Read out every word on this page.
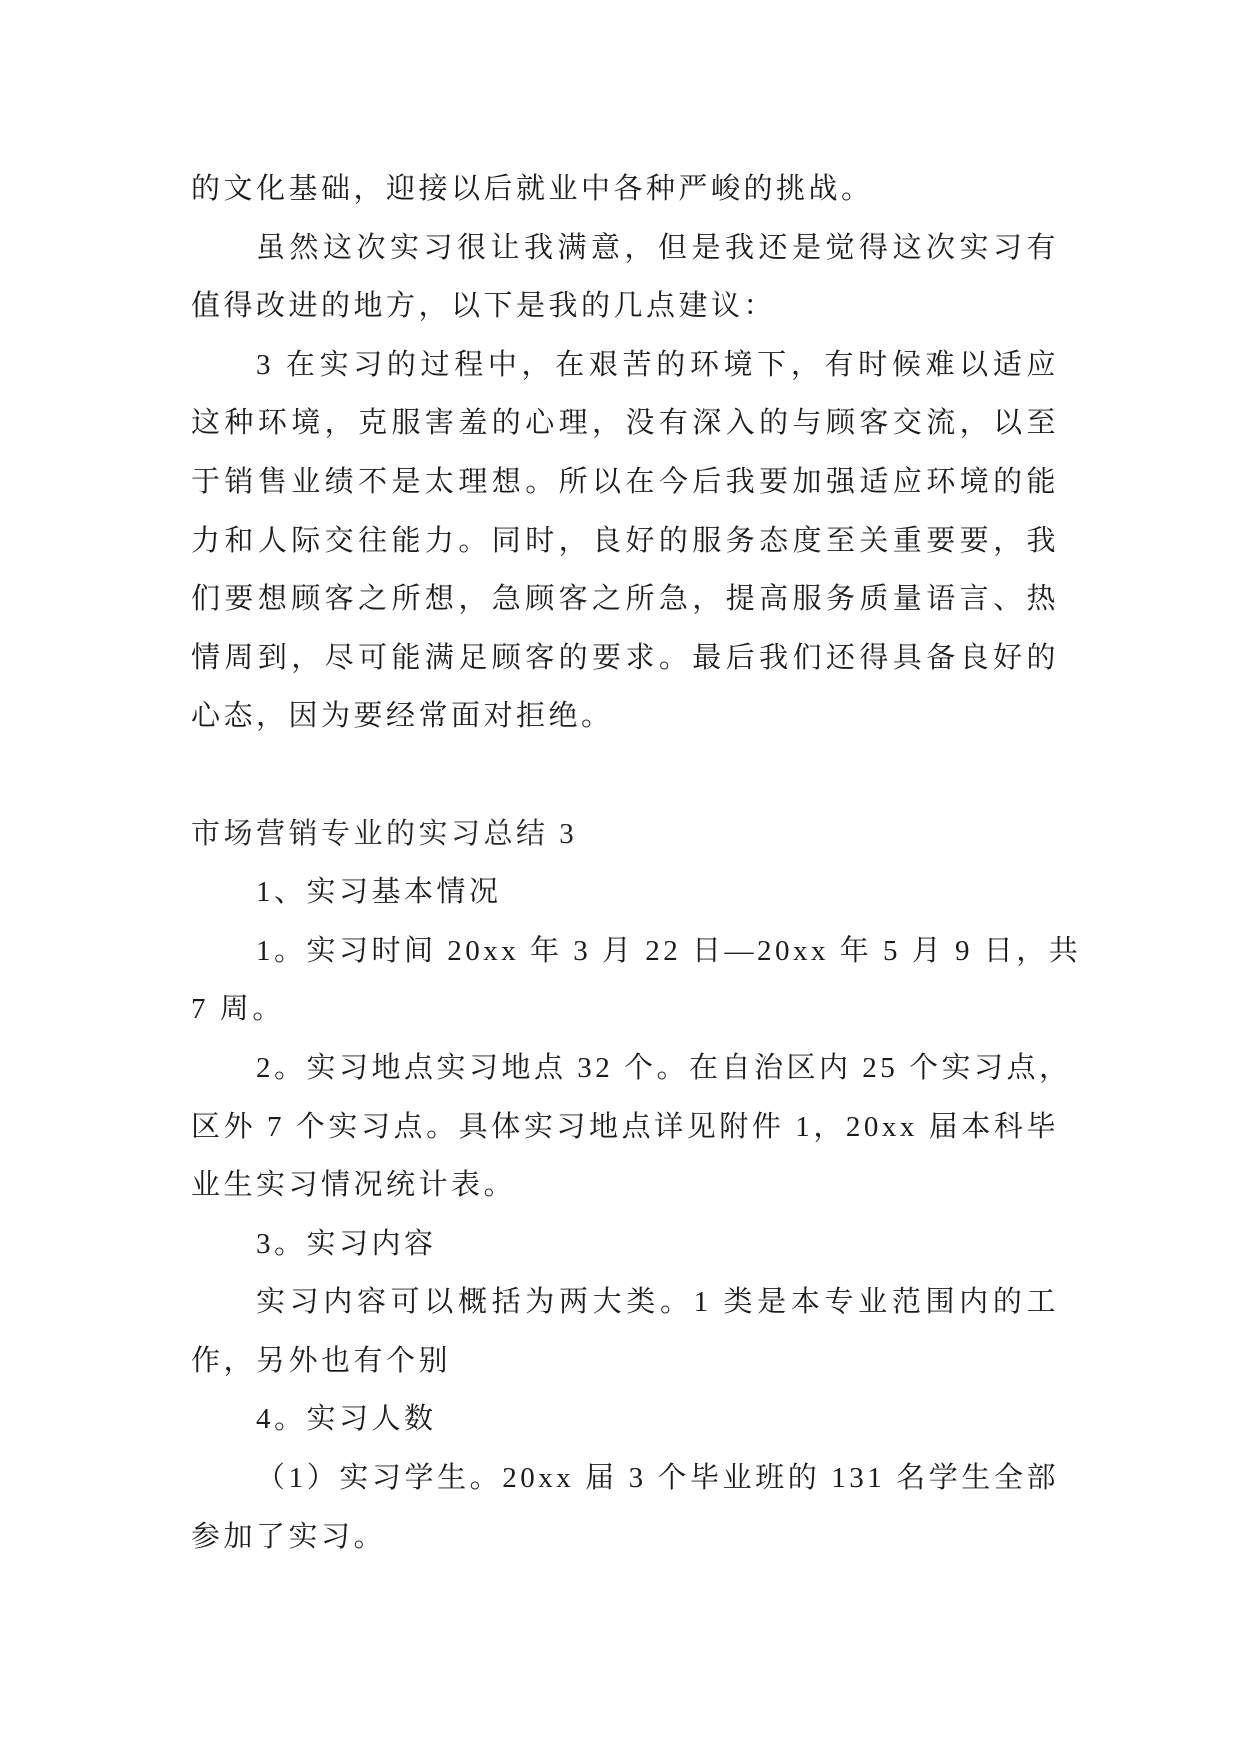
的文化基础，迎接以后就业中各种严峻的挑战。
虽然这次实习很让我满意，但是我还是觉得这次实习有
值得改进的地方，以下是我的几点建议：
3 在实习的过程中，在艰苦的环境下，有时候难以适应
这种环境，克服害羞的心理，没有深入的与顾客交流，以至
于销售业绩不是太理想。所以在今后我要加强适应环境的能
力和人际交往能力。同时，良好的服务态度至关重要要，我
们要想顾客之所想，急顾客之所急，提高服务质量语言、热
情周到，尽可能满足顾客的要求。最后我们还得具备良好的
心态，因为要经常面对拒绝。
市场营销专业的实习总结 3
1、实习基本情况
1。实习时间 20xx 年 3 月 22 日—20xx 年 5 月 9 日，共
7 周。
2。实习地点实习地点 32 个。在自治区内 25 个实习点，
区外 7 个实习点。具体实习地点详见附件 1，20xx 届本科毕
业生实习情况统计表。
3。实习内容
实习内容可以概括为两大类。1 类是本专业范围内的工
作，另外也有个别
4。实习人数
（1）实习学生。20xx 届 3 个毕业班的 131 名学生全部
参加了实习。
